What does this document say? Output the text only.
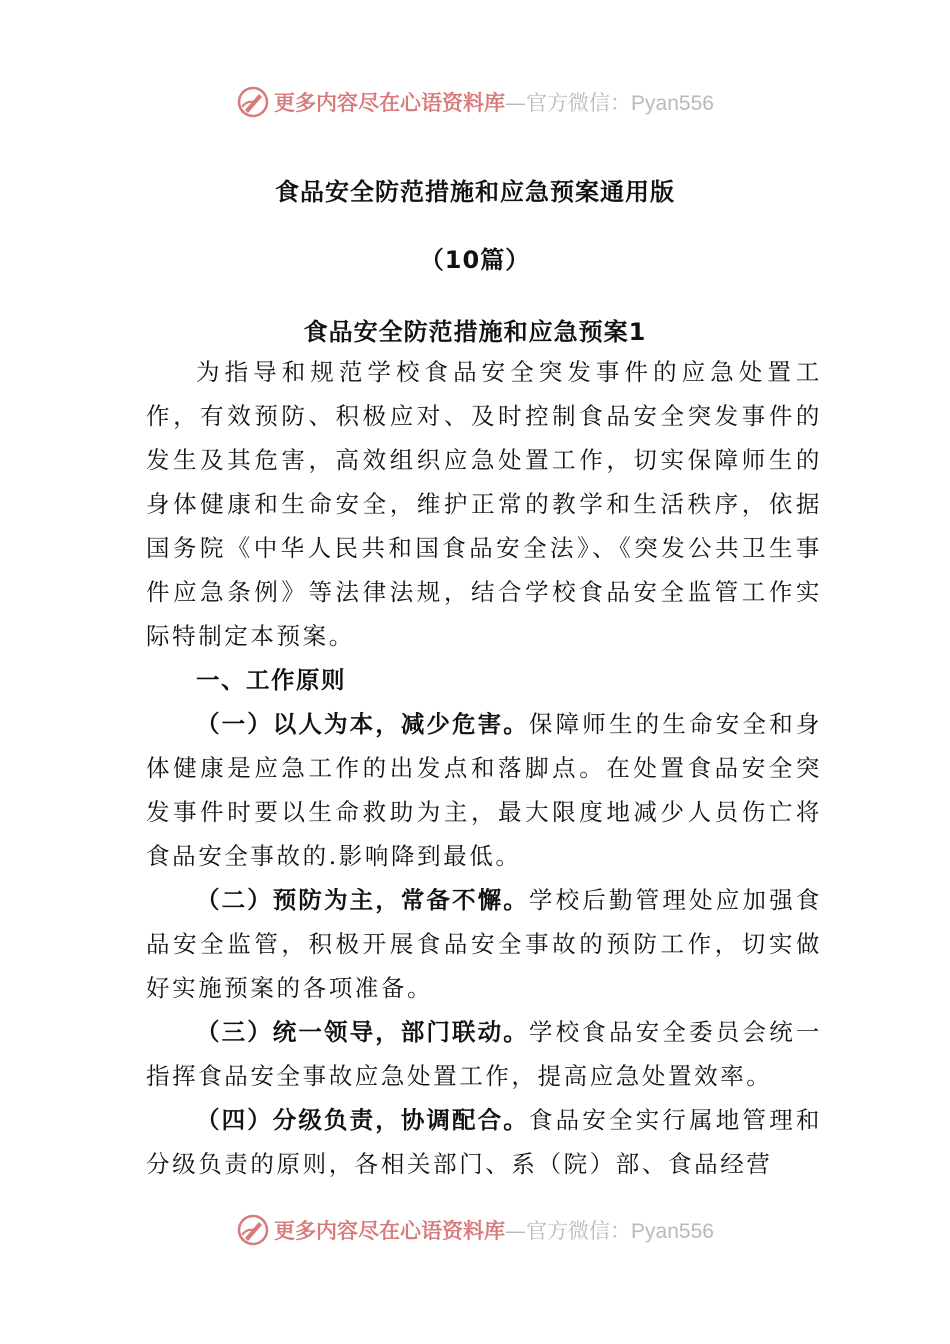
更多内容尽在心语资料库—官方微信：Pyan556
食品安全防范措施和应急预案通用版
（10篇）
食品安全防范措施和应急预案1

为指导和规范学校食品安全突发事件的应急处置工作，有效预防、积极应对、及时控制食品安全突发事件的发生及其危害，高效组织应急处置工作，切实保障师生的身体健康和生命安全，维护正常的教学和生活秩序，依据国务院《中华人民共和国食品安全法》、《突发公共卫生事件应急条例》等法律法规，结合学校食品安全监管工作实际特制定本预案。

一、工作原则

（一）以人为本，减少危害。保障师生的生命安全和身体健康是应急工作的出发点和落脚点。在处置食品安全突发事件时要以生命救助为主，最大限度地减少人员伤亡将食品安全事故的.影响降到最低。

（二）预防为主，常备不懈。学校后勤管理处应加强食品安全监管，积极开展食品安全事故的预防工作，切实做好实施预案的各项准备。

（三）统一领导，部门联动。学校食品安全委员会统一指挥食品安全事故应急处置工作，提高应急处置效率。

（四）分级负责，协调配合。食品安全实行属地管理和分级负责的原则，各相关部门、系（院）部、食品经营

更多内容尽在心语资料库—官方微信：Pyan556
